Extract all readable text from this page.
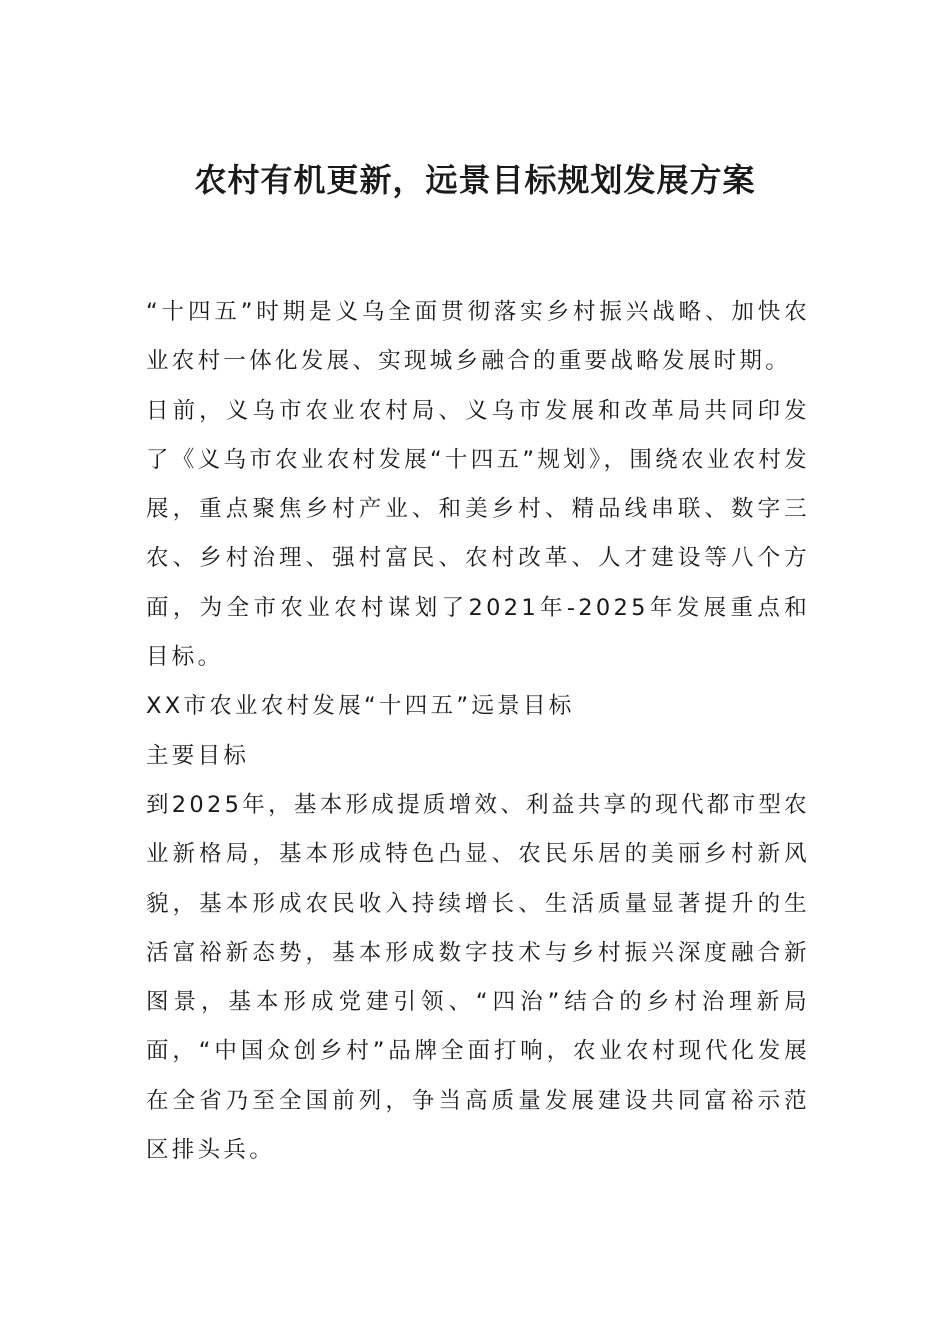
农村有机更新，远景目标规划发展方案

“十四五”时期是义乌全面贯彻落实乡村振兴战略、加快农业农村一体化发展、实现城乡融合的重要战略发展时期。

日前，义乌市农业农村局、义乌市发展和改革局共同印发了《义乌市农业农村发展“十四五”规划》，围绕农业农村发展，重点聚焦乡村产业、和美乡村、精品线串联、数字三农、乡村治理、强村富民、农村改革、人才建设等八个方面，为全市农业农村谋划了2021年-2025年发展重点和目标。

XX市农业农村发展“十四五”远景目标

主要目标

到2025年，基本形成提质增效、利益共享的现代都市型农业新格局，基本形成特色凸显、农民乐居的美丽乡村新风貌，基本形成农民收入持续增长、生活质量显著提升的生活富裕新态势，基本形成数字技术与乡村振兴深度融合新图景，基本形成党建引领、“四治”结合的乡村治理新局面，“中国众创乡村”品牌全面打响，农业农村现代化发展在全省乃至全国前列，争当高质量发展建设共同富裕示范区排头兵。
